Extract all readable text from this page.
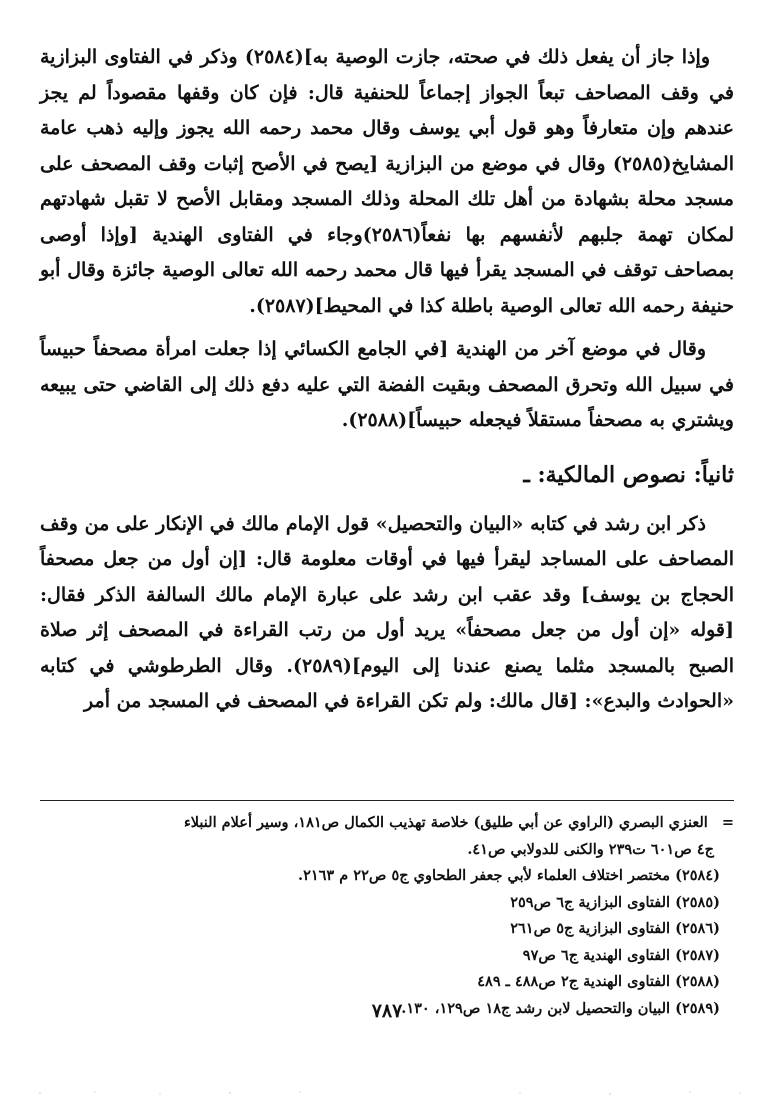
وإذا جاز أن يفعل ذلك في صحته، جازت الوصية به](٢٥٨٤) وذكر في الفتاوى البزازية في وقف المصاحف تبعاً الجواز إجماعاً للحنفية قال: فإن كان وقفها مقصوداً لم يجز عندهم وإن متعارفاً وهو قول أبي يوسف وقال محمد رحمه الله يجوز وإليه ذهب عامة المشايخ(٢٥٨٥) وقال في موضع من البزازية [يصح في الأصح إثبات وقف المصحف على مسجد محلة بشهادة من أهل تلك المحلة وذلك المسجد ومقابل الأصح لا تقبل شهادتهم لمكان تهمة جلبهم لأنفسهم بها نفعاً(٢٥٨٦)وجاء في الفتاوى الهندية [وإذا أوصى بمصاحف توقف في المسجد يقرأ فيها قال محمد رحمه الله تعالى الوصية جائزة وقال أبو حنيفة رحمه الله تعالى الوصية باطلة كذا في المحيط](٢٥٨٧).

وقال في موضع آخر من الهندية [في الجامع الكسائي إذا جعلت امرأة مصحفاً حبيساً في سبيل الله وتحرق المصحف وبقيت الفضة التي عليه دفع ذلك إلى القاضي حتى يبيعه ويشتري به مصحفاً مستقلاً فيجعله حبيساً](٢٥٨٨).

ثانياً: نصوص المالكية: ـ

ذكر ابن رشد في كتابه «البيان والتحصيل» قول الإمام مالك في الإنكار على من وقف المصاحف على المساجد ليقرأ فيها في أوقات معلومة قال: [إن أول من جعل مصحفاً الحجاج بن يوسف] وقد عقب ابن رشد على عبارة الإمام مالك السالفة الذكر فقال: [قوله «إن أول من جعل مصحفاً» يريد أول من رتب القراءة في المصحف إثر صلاة الصبح بالمسجد مثلما يصنع عندنا إلى اليوم](٢٥٨٩). وقال الطرطوشي في كتابه «الحوادث والبدع»: [قال مالك: ولم تكن القراءة في المصحف في المسجد من أمر

=العنزي البصري (الراوي عن أبي طليق) خلاصة تهذيب الكمال ص١٨١، وسير أعلام النبلاء

ج٤ ص٦٠١ ت٢٣٩ والكنى للدولابي ص٤١.

(٢٥٨٤) مختصر اختلاف العلماء لأبي جعفر الطحاوي ج٥ ص٢٢ م ٢١٦٣.

(٢٥٨٥) الفتاوى البزازية ج٦ ص٢٥٩

(٢٥٨٦) الفتاوى البزازية ج٥ ص٢٦١

(٢٥٨٧) الفتاوى الهندية ج٦ ص٩٧

(٢٥٨٨) الفتاوى الهندية ج٢ ص٤٨٨ ـ ٤٨٩

(٢٥٨٩) البيان والتحصيل لابن رشد ج١٨ ص١٢٩، ١٣٠.

٧٨٧
